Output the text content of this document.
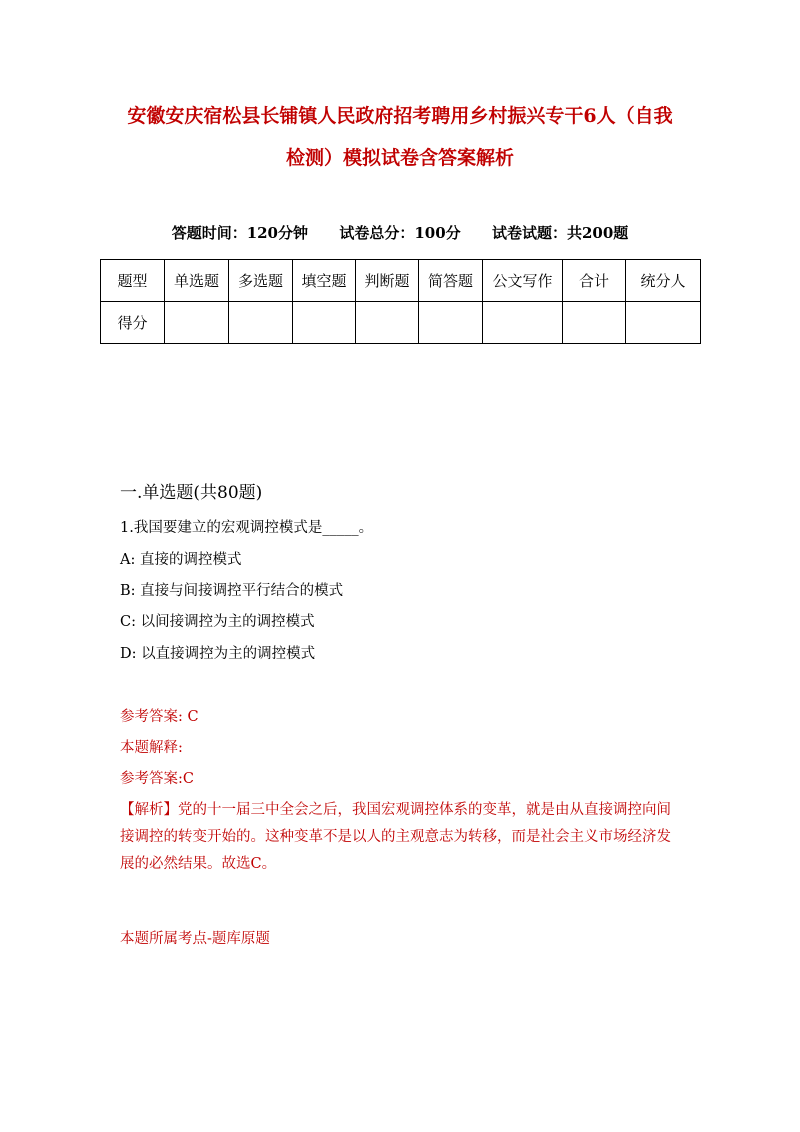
安徽安庆宿松县长铺镇人民政府招考聘用乡村振兴专干6人（自我
检测）模拟试卷含答案解析
答题时间：120分钟      试卷总分：100分      试卷试题：共200题
题型	单选题	多选题	填空题	判断题	简答题	公文写作	合计	统分人
得分								
一.单选题(共80题)
1.我国要建立的宏观调控模式是_____。
A: 直接的调控模式
B: 直接与间接调控平行结合的模式
C: 以间接调控为主的调控模式
D: 以直接调控为主的调控模式
参考答案: C
本题解释:
参考答案:C
【解析】党的十一届三中全会之后，我国宏观调控体系的变革，就是由从直接调控向间接调控的转变开始的。这种变革不是以人的主观意志为转移，而是社会主义市场经济发展的必然结果。故选C。
本题所属考点-题库原题
